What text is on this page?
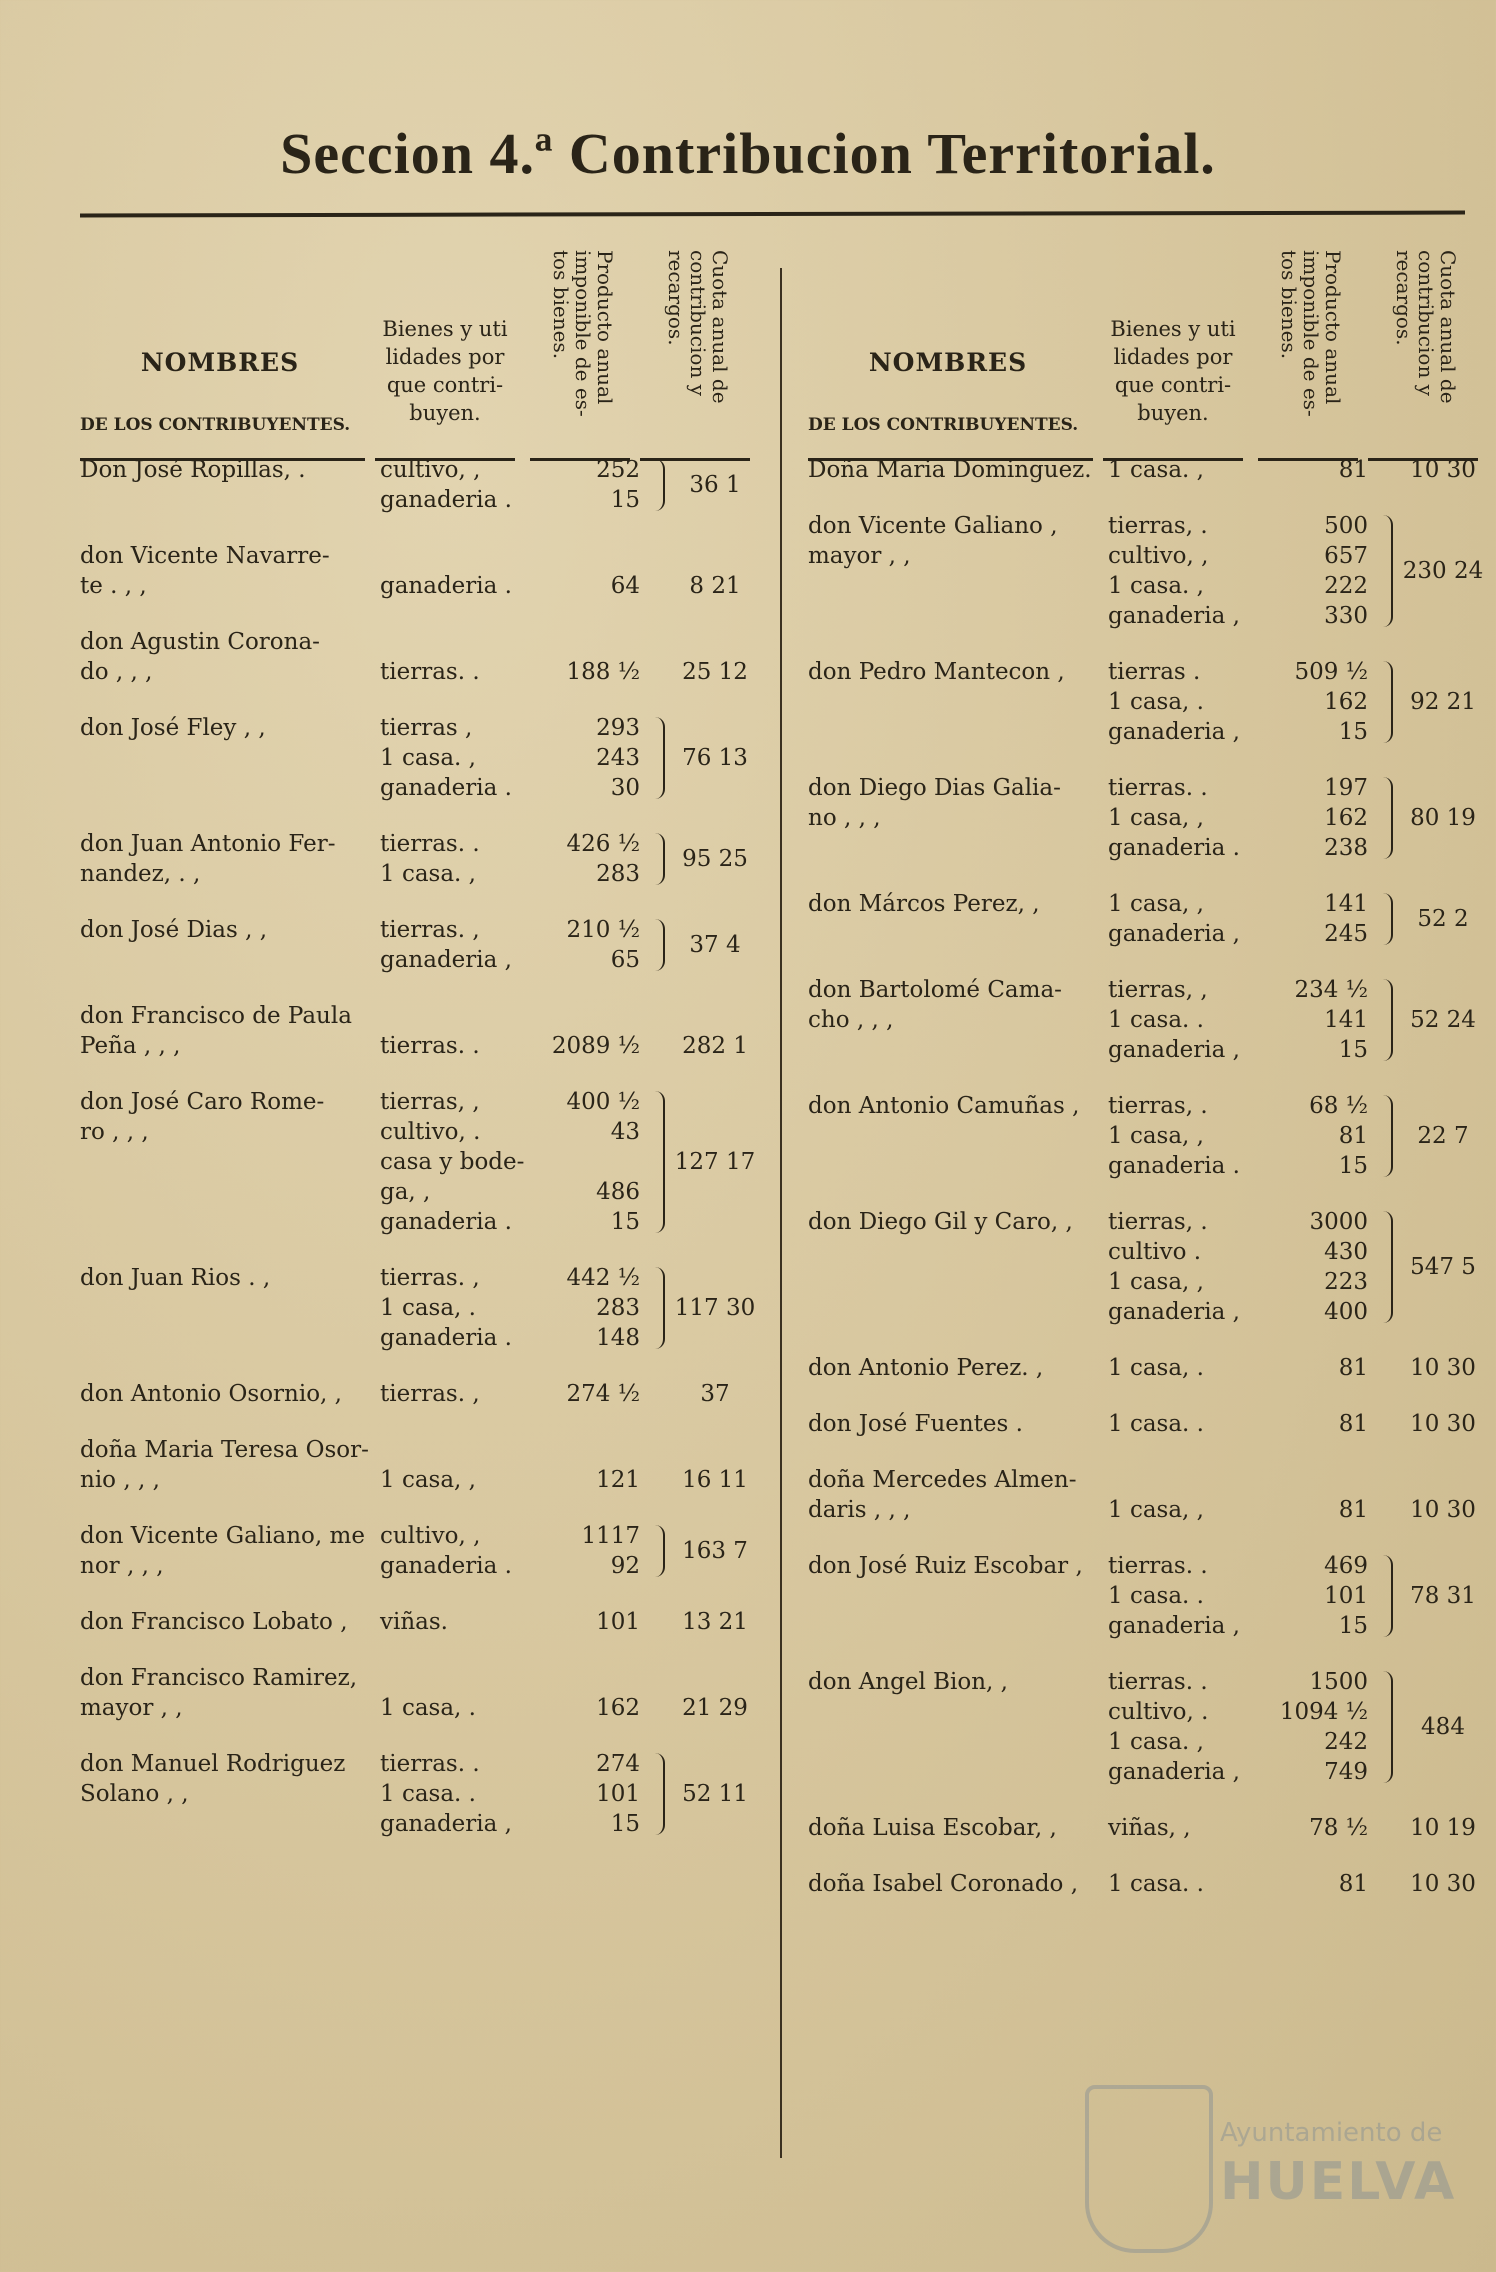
Seccion 4.ª Contribucion Territorial.
NOMBRES
DE LOS CONTRIBUYENTES.
Bienes y uti
lidades por
que contri-
buyen.
Producto anual
imponible de es-
tos bienes.
Cuota anual de
contribucion y
recargos.
Don José Ropillas, .	cultivo, ,	252
ganaderia .	15
36 1
don Vicente Navarre-
te . , ,	ganaderia .	64	8 21
don Agustin Corona-
do , , ,	tierras. .	188 ½	25 12
don José Fley , ,	tierras ,	293
1 casa. ,	243
ganaderia .	30
76 13
don Juan Antonio Fer-
nandez, . ,
tierras. .	426 ½
1 casa. ,	283
95 25
don José Dias , ,	tierras. ,	210 ½
ganaderia ,	65
37 4
don Francisco de Paula
Peña , , ,	tierras. .	2089 ½	282 1
don José Caro Rome-
ro , , ,
tierras, ,	400 ½
cultivo, .	43
casa y bode-
ga, ,	486
ganaderia .	15
127 17
don Juan Rios . ,	tierras. ,	442 ½
1 casa, .	283
ganaderia .	148
117 30
don Antonio Osornio, ,	tierras. ,	274 ½	37
doña Maria Teresa Osor-
nio , , ,	1 casa, ,	121	16 11
don Vicente Galiano, me
nor , , ,
cultivo, ,	1117
ganaderia .	92
163 7
don Francisco Lobato ,	viñas.	101	13 21
don Francisco Ramirez,
mayor , ,	1 casa, .	162	21 29
don Manuel Rodriguez
Solano , ,
tierras. .	274
1 casa. .	101
ganaderia ,	15
52 11
NOMBRES
DE LOS CONTRIBUYENTES.
Bienes y uti
lidades por
que contri-
buyen.
Producto anual
imponible de es-
tos bienes.
Cuota anual de
contribucion y
recargos.
Doña Maria Dominguez. 1 casa. ,	81	10 30
don Vicente Galiano ,
mayor , ,
tierras, .	500
cultivo, ,	657
1 casa. ,	222
ganaderia ,	330
230 24
don Pedro Mantecon ,	tierras .	509 ½
1 casa, .	162
ganaderia ,	15
92 21
don Diego Dias Galia-
no , , ,
tierras. .	197
1 casa, ,	162
ganaderia .	238
80 19
don Márcos Perez, ,	1 casa, ,	141
ganaderia ,	245
52 2
don Bartolomé Cama-
cho , , ,
tierras, ,	234 ½
1 casa. .	141
ganaderia ,	15
52 24
don Antonio Camuñas ,	tierras, .	68 ½
1 casa, ,	81
ganaderia .	15
22 7
don Diego Gil y Caro, ,	tierras, .	3000
cultivo .	430
1 casa, ,	223
ganaderia ,	400
547 5
don Antonio Perez. ,	1 casa, .	81	10 30
don José Fuentes .	1 casa. .	81	10 30
doña Mercedes Almen-
daris , , ,	1 casa, ,	81	10 30
don José Ruiz Escobar ,	tierras. .	469
1 casa. .	101
ganaderia ,	15
78 31
don Angel Bion, ,	tierras. .	1500
cultivo, .	1094 ½
1 casa. ,	242
ganaderia ,	749
484
doña Luisa Escobar, ,	viñas, ,	78 ½	10 19
doña Isabel Coronado ,	1 casa. .	81	10 30
Ayuntamiento de
HUELVA
